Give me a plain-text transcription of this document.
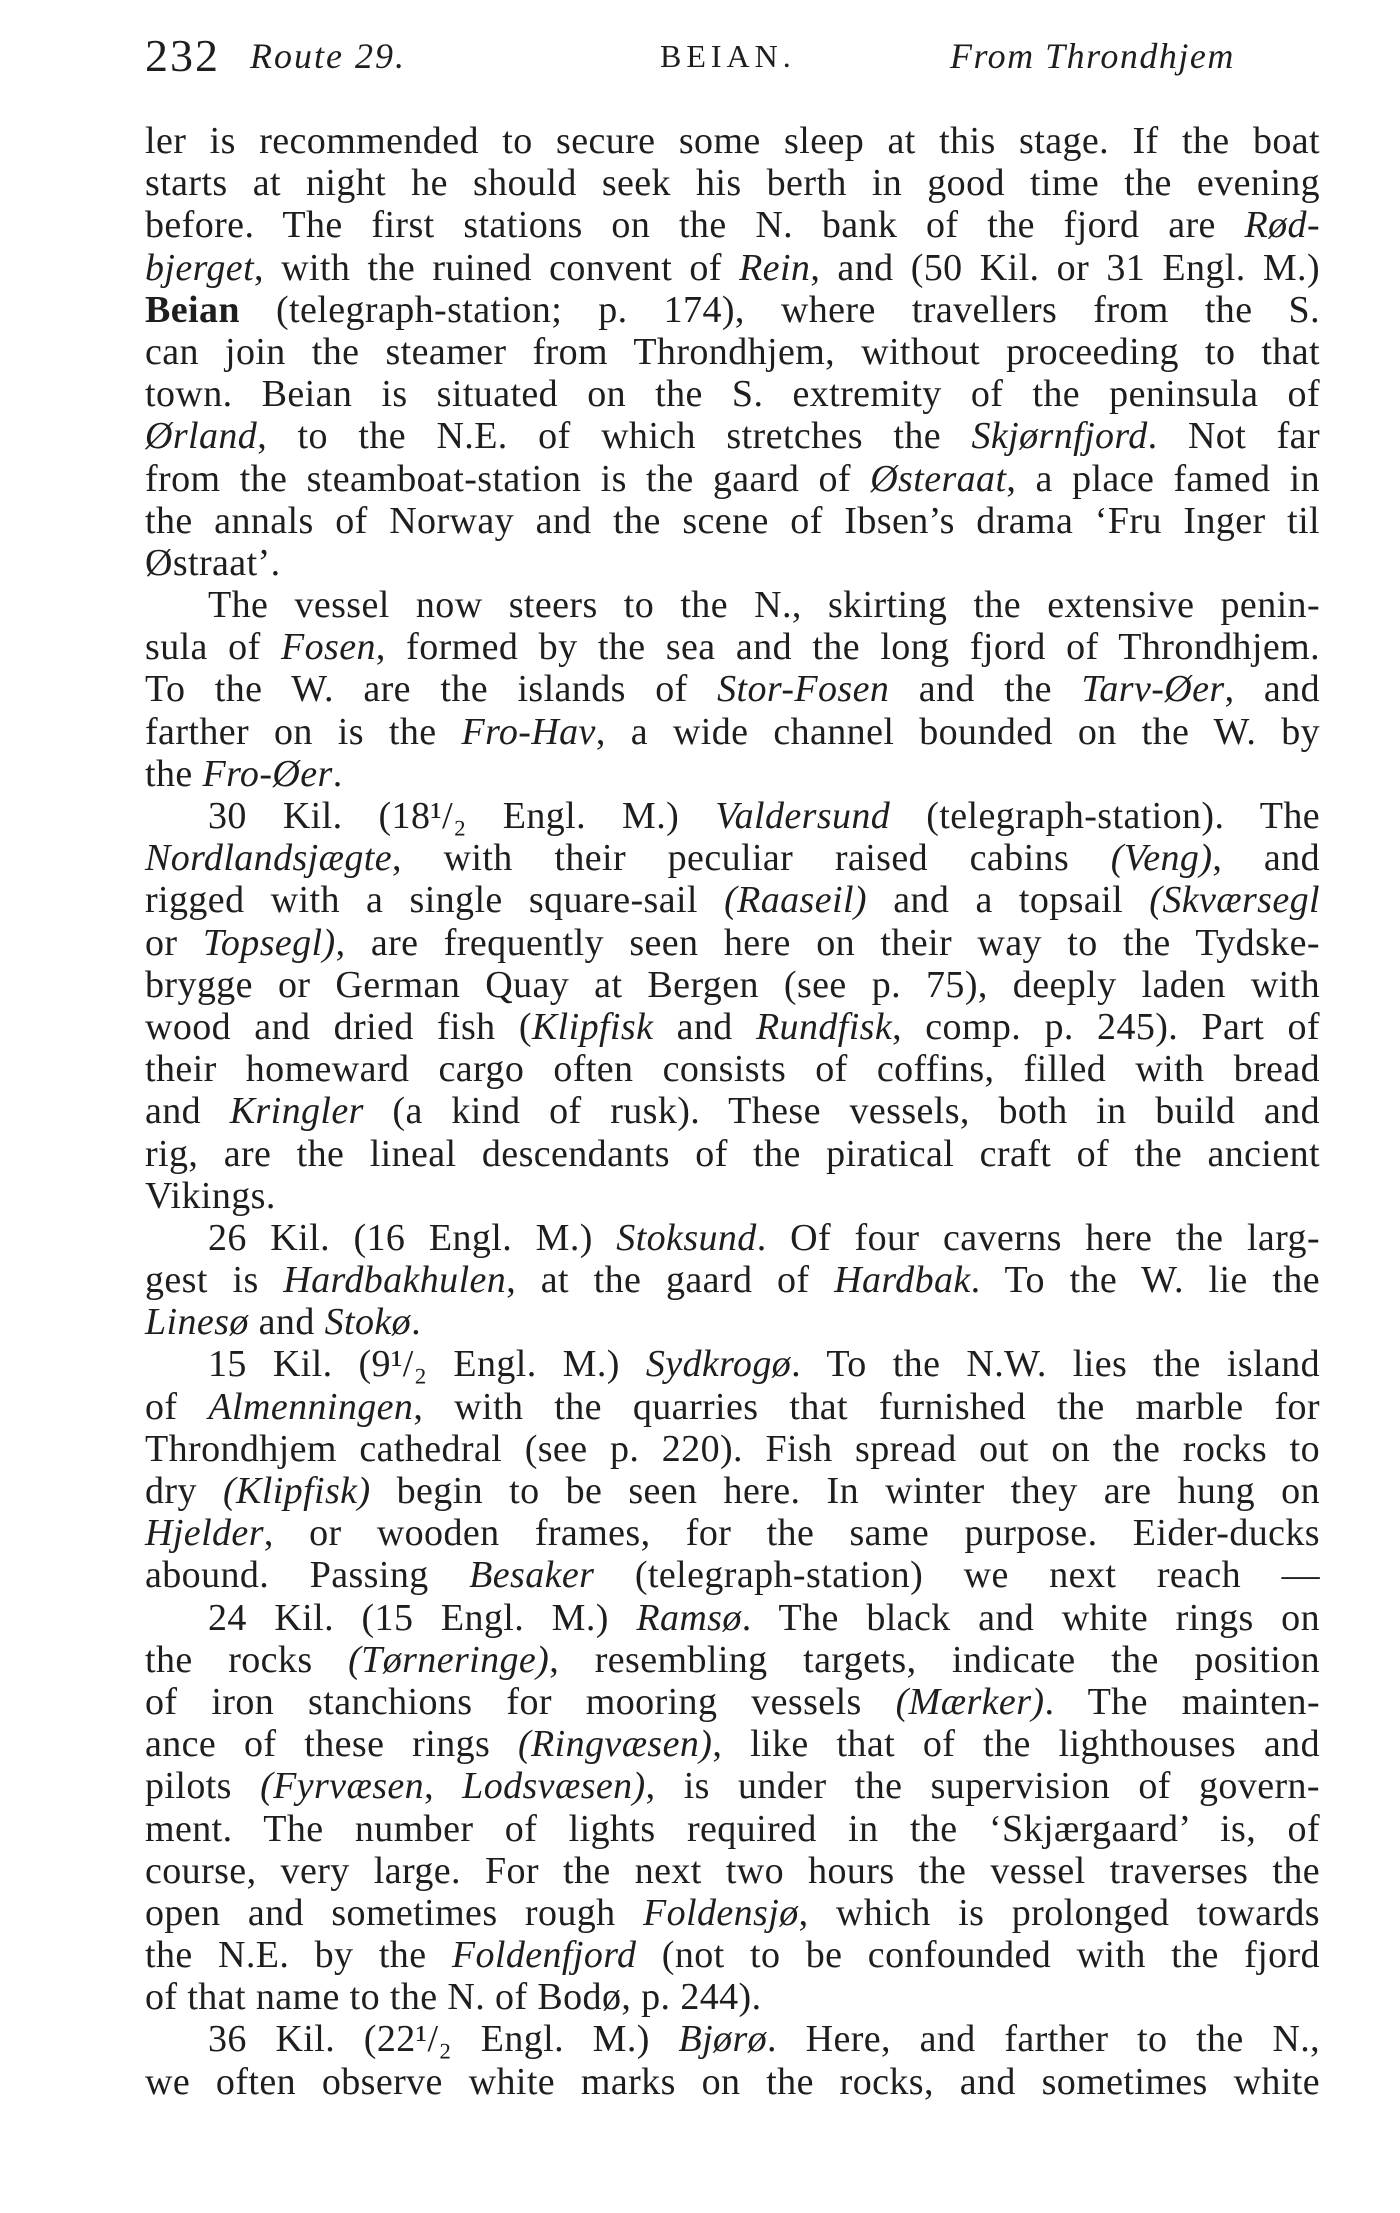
232 Route 29.	BEIAN.	From Throndhjem
ler is recommended to secure some sleep at this stage. If the boat
starts at night he should seek his berth in good time the evening
before. The first stations on the N. bank of the fjord are Rød-
bjerget, with the ruined convent of Rein, and (50 Kil. or 31 Engl. M.)
Beian (telegraph-station; p. 174), where travellers from the S.
can join the steamer from Throndhjem, without proceeding to that
town. Beian is situated on the S. extremity of the peninsula of
Ørland, to the N.E. of which stretches the Skjørnfjord. Not far
from the steamboat-station is the gaard of Østeraat, a place famed in
the annals of Norway and the scene of Ibsen’s drama ‘Fru Inger til
Østraat’.
The vessel now steers to the N., skirting the extensive penin-
sula of Fosen, formed by the sea and the long fjord of Throndhjem.
To the W. are the islands of Stor-Fosen and the Tarv-Øer, and
farther on is the Fro-Hav, a wide channel bounded on the W. by
the Fro-Øer.
30 Kil. (18¹/₂ Engl. M.) Valdersund (telegraph-station). The
Nordlandsjægte, with their peculiar raised cabins (Veng), and
rigged with a single square-sail (Raaseil) and a topsail (Skværsegl
or Topsegl), are frequently seen here on their way to the Tydske-
brygge or German Quay at Bergen (see p. 75), deeply laden with
wood and dried fish (Klipfisk and Rundfisk, comp. p. 245). Part of
their homeward cargo often consists of coffins, filled with bread
and Kringler (a kind of rusk). These vessels, both in build and
rig, are the lineal descendants of the piratical craft of the ancient
Vikings.
26 Kil. (16 Engl. M.) Stoksund. Of four caverns here the larg-
gest is Hardbakhulen, at the gaard of Hardbak. To the W. lie the
Linesø and Stokø.
15 Kil. (9¹/₂ Engl. M.) Sydkrogø. To the N.W. lies the island
of Almenningen, with the quarries that furnished the marble for
Throndhjem cathedral (see p. 220). Fish spread out on the rocks to
dry (Klipfisk) begin to be seen here. In winter they are hung on
Hjelder, or wooden frames, for the same purpose. Eider-ducks
abound. Passing Besaker (telegraph-station) we next reach —
24 Kil. (15 Engl. M.) Ramsø. The black and white rings on
the rocks (Tørneringe), resembling targets, indicate the position
of iron stanchions for mooring vessels (Mærker). The mainten-
ance of these rings (Ringvæsen), like that of the lighthouses and
pilots (Fyrvæsen, Lodsvæsen), is under the supervision of govern-
ment. The number of lights required in the ‘Skjærgaard’ is, of
course, very large. For the next two hours the vessel traverses the
open and sometimes rough Foldensjø, which is prolonged towards
the N.E. by the Foldenfjord (not to be confounded with the fjord
of that name to the N. of Bodø, p. 244).
36 Kil. (22¹/₂ Engl. M.) Bjørø. Here, and farther to the N.,
we often observe white marks on the rocks, and sometimes white
